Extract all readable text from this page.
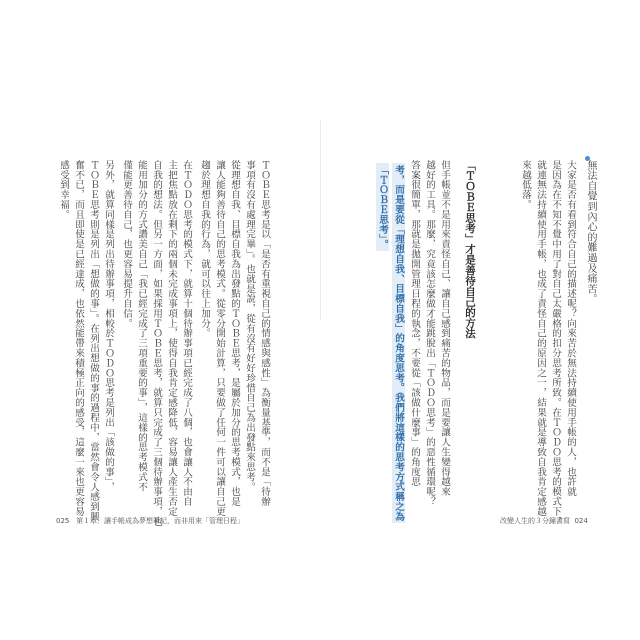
無法自覺到內心的難過及痛苦。
大家是否有看到符合自己的描述呢？向來苦於無法持續使用手帳的人，也許就
是因為在不知不覺中用了對自己太嚴格的扣分思考所致。在ＴＯＤＯ思考的模式下，
就連無法持續使用手帳，也成了責怪自己的原因之一，結果就是導致自我肯定感越
來越低落。
「ＴＯＢＥ思考」才是善待自己的方法
但手帳並不是用來責怪自己、讓自己感到痛苦的物品，而是要讓人生變得越來
越好的工具。那麼，究竟該怎麼做才能跳脫出「ＴＯＤＯ思考」的惡性循環呢？
答案很簡單，那就是拋開管理日程的執念，不要從「該做什麼事」的角度思
考，而是要從「理想自我、目標自我」的角度思考。我們將這樣的思考方式稱之為
「ＴＯＢＥ思考」。
改變人生的３分鐘書寫 024
ＴＯＢＥ思考是以「是否有重視自己的情感與感性」為衡量基準，而不是「待辦
事項有沒有處理完畢」。也就是說，從有沒有好好珍惜自己為出發點來思考。
從理想自我、目標自我為出發點的ＴＯＢＥ思考，是屬於加分的思考模式，也是
讓人能夠善待自己的思考模式。從零分開始計算，只要做了任何一件可以讓自己更
趨於理想自我的行為，就可以往上加分。
在ＴＯＤＯ思考的模式下，就算十個待辦事項已經完成了八個，也會讓人不由自
主把焦點放在剩下的兩個未完成事項上，使得自我肯定感降低，容易讓人產生否定
自我的想法。但另一方面，如果採用ＴＯＢＥ思考，就算只完成了三個待辦事項，也
能用加分的方式讚美自己「我已經完成了三項重要的事」，這樣的思考模式不
僅能更善待自己，也更容易提升自信。
另外，就算同樣是列出待辦事項，相較於ＴＯＤＯ思考是列出「該做的事」，
ＴＯＢＥ思考則是列出「想做的事」。在列出想做的事的過程中，當然會令人感到興
奮不已，而且即使是已經達成，也依然能帶來積極正向的感受，這麼一來也更容易
感受到幸福。
025 第１章．讓手帳成為夢想筆記，而非用來「管理日程」
